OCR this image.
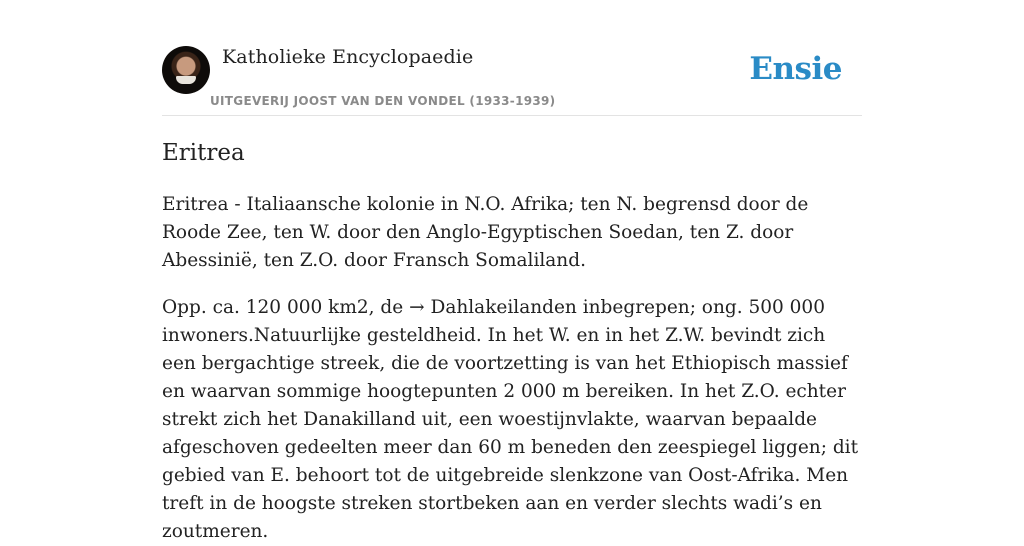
Katholieke Encyclopaedie
UITGEVERIJ JOOST VAN DEN VONDEL (1933-1939)
Ensie
Eritrea

Eritrea - Italiaansche kolonie in N.O. Afrika; ten N. begrensd door de Roode Zee, ten W. door den Anglo-Egyptischen Soedan, ten Z. door Abessinië, ten Z.O. door Fransch Somaliland.

Opp. ca. 120 000 km2, de → Dahlakeilanden inbegrepen; ong. 500 000 inwoners.Natuurlijke gesteldheid. In het W. en in het Z.W. bevindt zich een bergachtige streek, die de voortzetting is van het Ethiopisch massief en waarvan sommige hoogtepunten 2 000 m bereiken. In het Z.O. echter strekt zich het Danakilland uit, een woestijnvlakte, waarvan bepaalde afgeschoven gedeelten meer dan 60 m beneden den zeespiegel liggen; dit gebied van E. behoort tot de uitgebreide slenkzone van Oost-Afrika. Men treft in de hoogste streken stortbeken aan en verder slechts wadi’s en zoutmeren.
